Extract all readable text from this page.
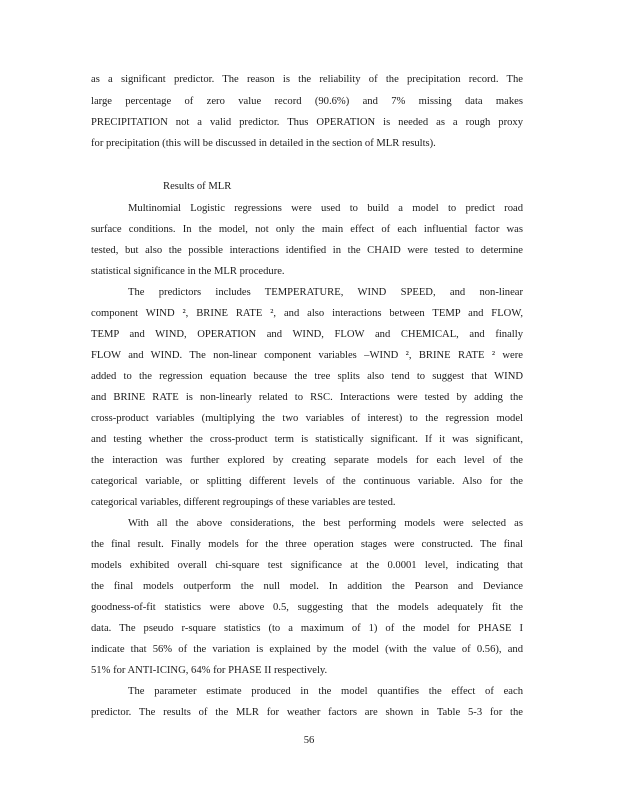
as a significant predictor. The reason is the reliability of the precipitation record. The
large percentage of zero value record (90.6%) and 7% missing data makes
PRECIPITATION not a valid predictor. Thus OPERATION is needed as a rough proxy
for precipitation (this will be discussed in detailed in the section of MLR results).
Results of MLR
Multinomial Logistic regressions were used to build a model to predict road
surface conditions. In the model, not only the main effect of each influential factor was
tested, but also the possible interactions identified in the CHAID were tested to determine
statistical significance in the MLR procedure.
The predictors includes TEMPERATURE, WIND SPEED, and non-linear
component WIND ², BRINE RATE ², and also interactions between TEMP and FLOW,
TEMP and WIND, OPERATION and WIND, FLOW and CHEMICAL, and finally
FLOW and WIND. The non-linear component variables –WIND ², BRINE RATE ² were
added to the regression equation because the tree splits also tend to suggest that WIND
and BRINE RATE is non-linearly related to RSC. Interactions were tested by adding the
cross-product variables (multiplying the two variables of interest) to the regression model
and testing whether the cross-product term is statistically significant. If it was significant,
the interaction was further explored by creating separate models for each level of the
categorical variable, or splitting different levels of the continuous variable. Also for the
categorical variables, different regroupings of these variables are tested.
With all the above considerations, the best performing models were selected as
the final result. Finally models for the three operation stages were constructed. The final
models exhibited overall chi-square test significance at the 0.0001 level, indicating that
the final models outperform the null model. In addition the Pearson and Deviance
goodness-of-fit statistics were above 0.5, suggesting that the models adequately fit the
data. The pseudo r-square statistics (to a maximum of 1) of the model for PHASE I
indicate that 56% of the variation is explained by the model (with the value of 0.56), and
51% for ANTI-ICING, 64% for PHASE II respectively.
The parameter estimate produced in the model quantifies the effect of each
predictor. The results of the MLR for weather factors are shown in Table 5-3 for the
56
